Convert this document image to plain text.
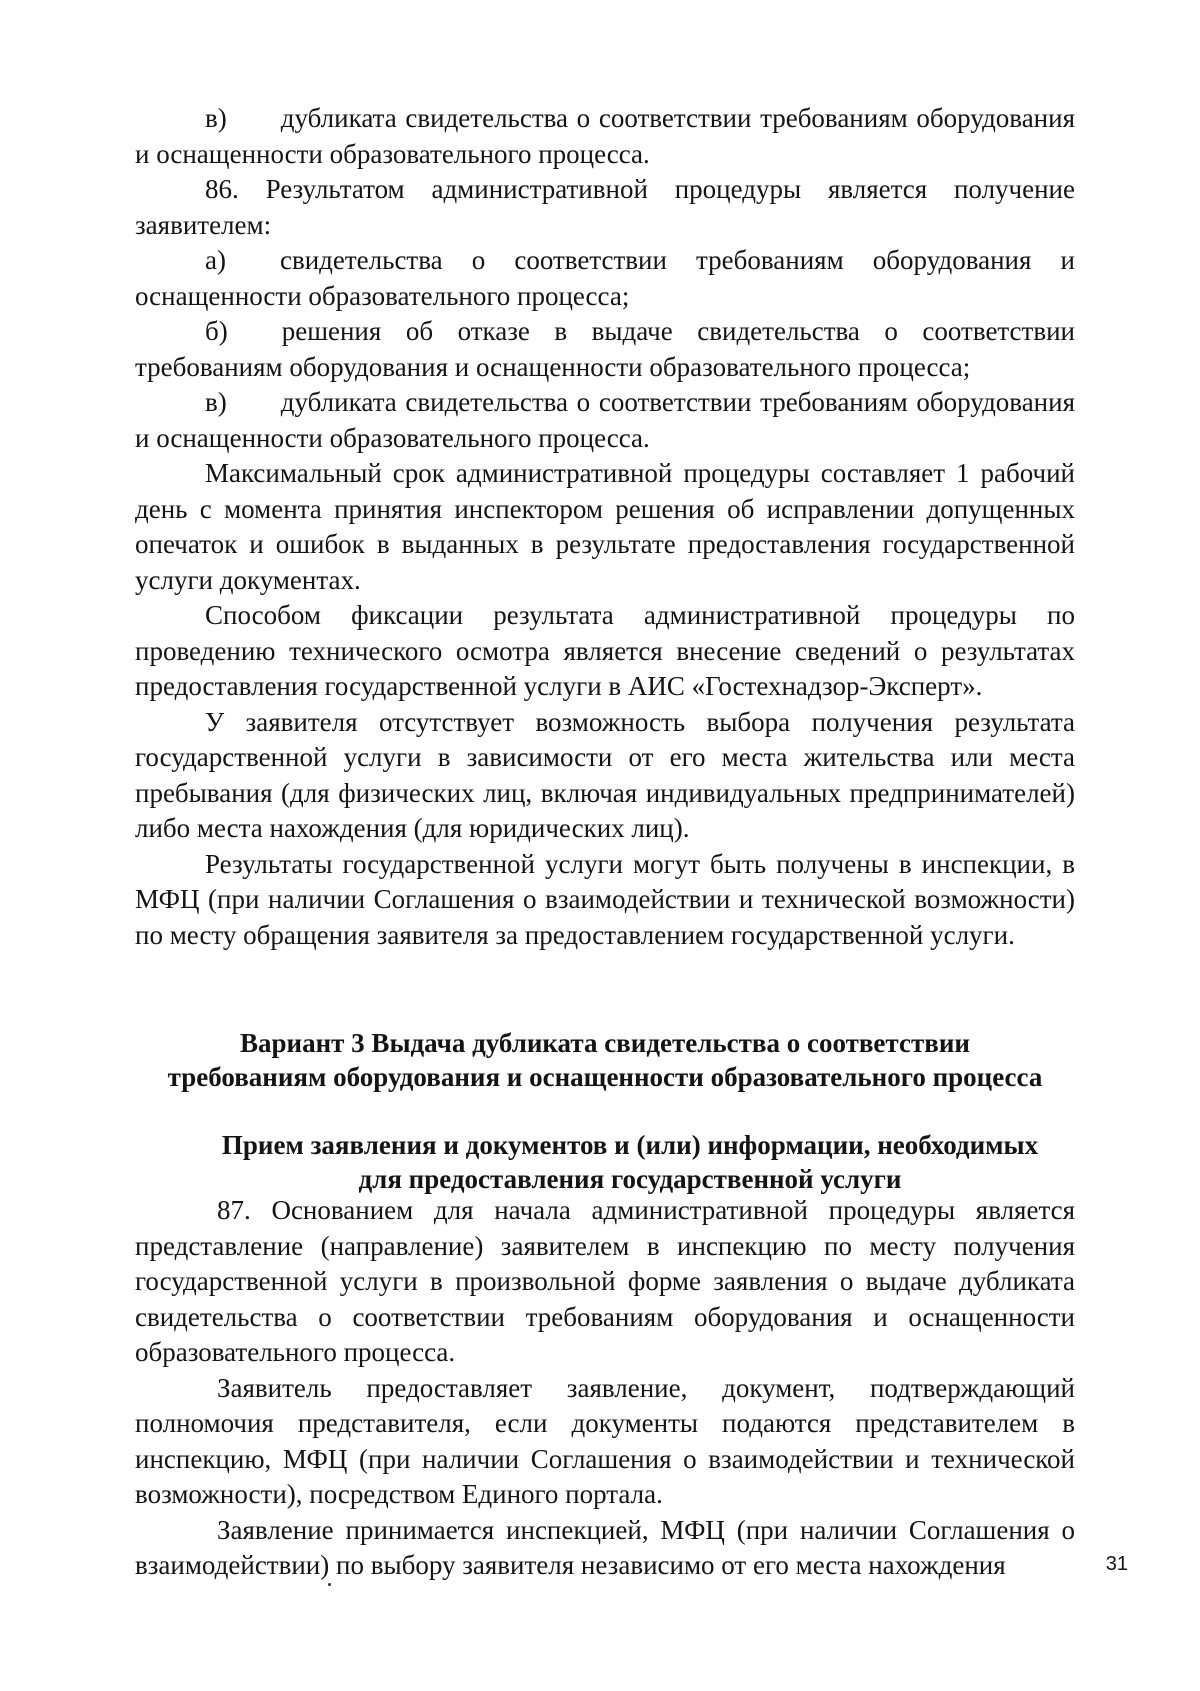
в)  дубликата свидетельства о соответствии требованиям оборудования и оснащенности образовательного процесса.

86. Результатом административной процедуры является получение заявителем:

а)  свидетельства о соответствии требованиям оборудования и оснащенности образовательного процесса;

б)  решения об отказе в выдаче свидетельства о соответствии требованиям оборудования и оснащенности образовательного процесса;

в)  дубликата свидетельства о соответствии требованиям оборудования и оснащенности образовательного процесса.

Максимальный срок административной процедуры составляет 1 рабочий день с момента принятия инспектором решения об исправлении допущенных опечаток и ошибок в выданных в результате предоставления государственной услуги документах.

Способом фиксации результата административной процедуры по проведению технического осмотра является внесение сведений о результатах предоставления государственной услуги в АИС «Гостехнадзор-Эксперт».

У заявителя отсутствует возможность выбора получения результата государственной услуги в зависимости от его места жительства или места пребывания (для физических лиц, включая индивидуальных предпринимателей) либо места нахождения (для юридических лиц).

Результаты государственной услуги могут быть получены в инспекции, в МФЦ (при наличии Соглашения о взаимодействии и технической возможности) по месту обращения заявителя за предоставлением государственной услуги.

Вариант 3 Выдача дубликата свидетельства о соответствии
требованиям оборудования и оснащенности образовательного процесса
Прием заявления и документов и (или) информации, необходимых
для предоставления государственной услуги

87. Основанием для начала административной процедуры является представление (направление) заявителем в инспекцию по месту получения государственной услуги в произвольной форме заявления о выдаче дубликата свидетельства о соответствии требованиям оборудования и оснащенности образовательного процесса.

Заявитель предоставляет заявление, документ, подтверждающий полномочия представителя, если документы подаются представителем в инспекцию, МФЦ (при наличии Соглашения о взаимодействии и технической возможности), посредством Единого портала.

Заявление принимается инспекцией, МФЦ (при наличии Соглашения о взаимодействии) по выбору заявителя независимо от его места нахождения	31
